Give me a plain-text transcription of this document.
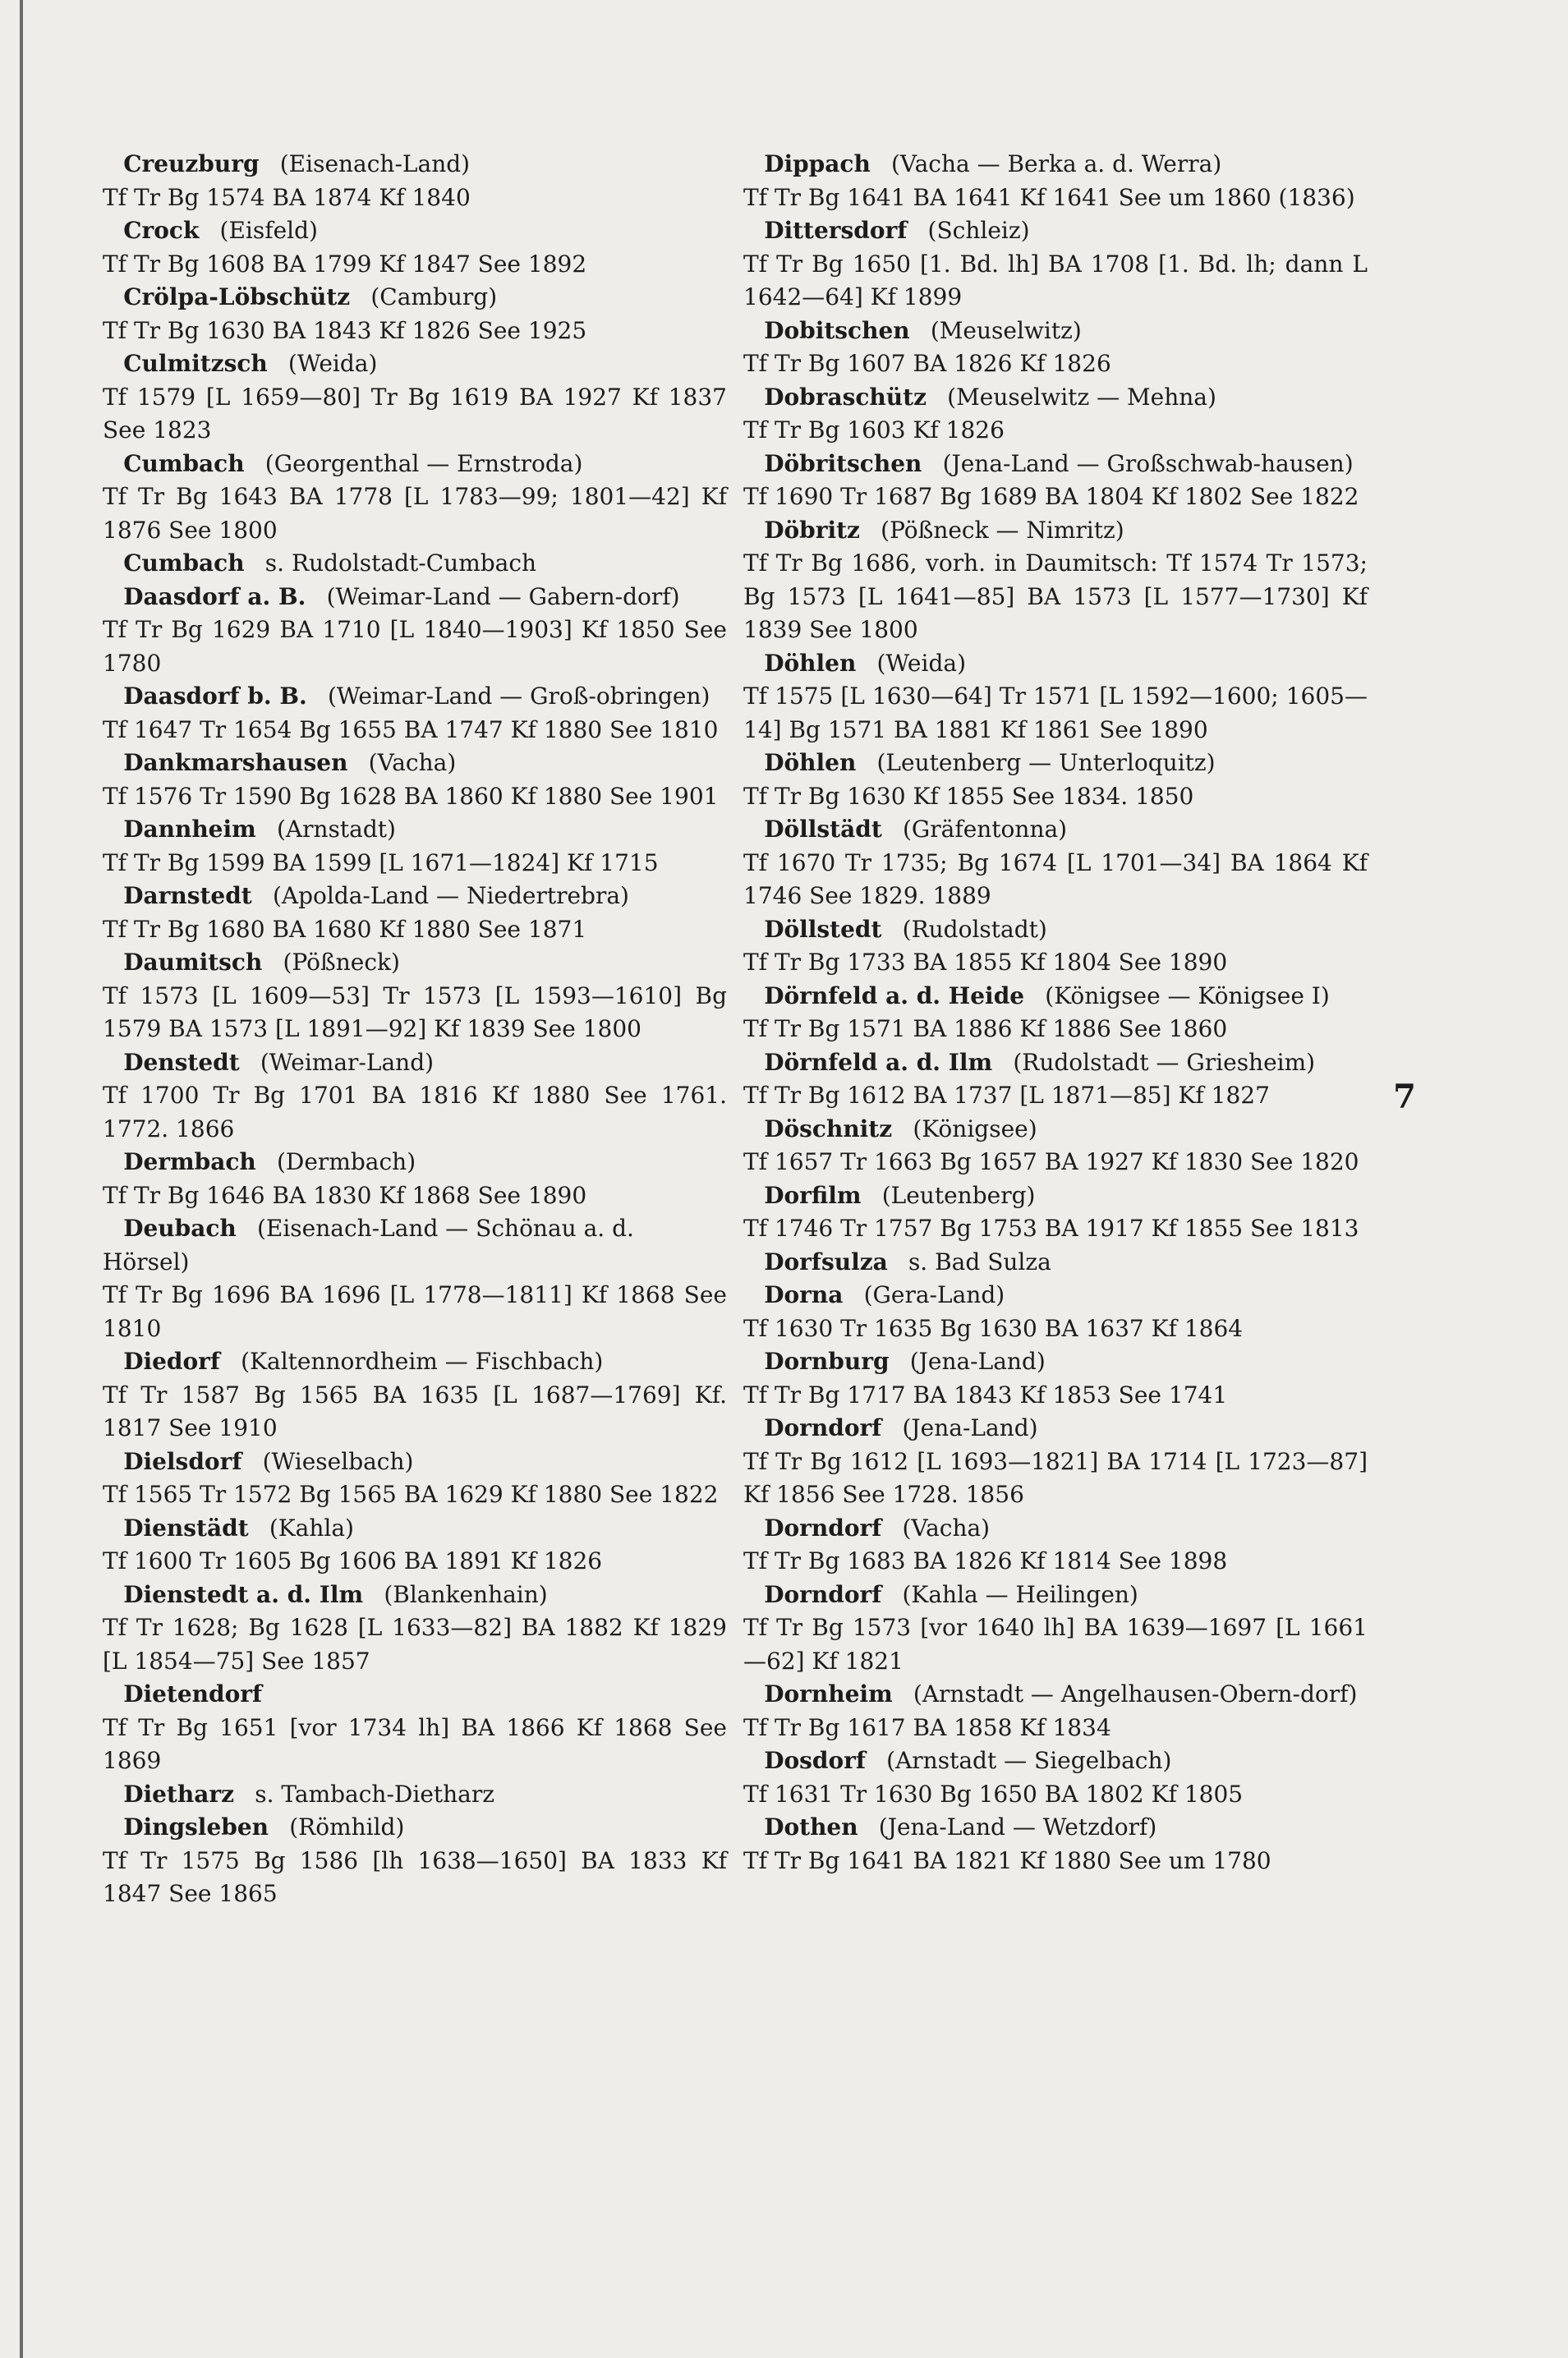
Creuzburg (Eisenach-Land)
Tf Tr Bg 1574 BA 1874 Kf 1840
Crock (Eisfeld)
Tf Tr Bg 1608 BA 1799 Kf 1847 See 1892
Crölpa-Löbschütz (Camburg)
Tf Tr Bg 1630 BA 1843 Kf 1826 See 1925
Culmitzsch (Weida)
Tf 1579 [L 1659—80] Tr Bg 1619 BA 1927 Kf 1837 See 1823
Cumbach (Georgenthal — Ernstroda)
Tf Tr Bg 1643 BA 1778 [L 1783—99; 1801—42] Kf 1876 See 1800
Cumbach s. Rudolstadt-Cumbach
Daasdorf a. B. (Weimar-Land — Gabern-dorf)
Tf Tr Bg 1629 BA 1710 [L 1840—1903] Kf 1850 See 1780
Daasdorf b. B. (Weimar-Land — Groß-obringen)
Tf 1647 Tr 1654 Bg 1655 BA 1747 Kf 1880 See 1810
Dankmarshausen (Vacha)
Tf 1576 Tr 1590 Bg 1628 BA 1860 Kf 1880 See 1901
Dannheim (Arnstadt)
Tf Tr Bg 1599 BA 1599 [L 1671—1824] Kf 1715
Darnstedt (Apolda-Land — Niedertrebra)
Tf Tr Bg 1680 BA 1680 Kf 1880 See 1871
Daumitsch (Pößneck)
Tf 1573 [L 1609—53] Tr 1573 [L 1593—1610] Bg 1579 BA 1573 [L 1891—92] Kf 1839 See 1800
Denstedt (Weimar-Land)
Tf 1700 Tr Bg 1701 BA 1816 Kf 1880 See 1761. 1772. 1866
Dermbach (Dermbach)
Tf Tr Bg 1646 BA 1830 Kf 1868 See 1890
Deubach (Eisenach-Land — Schönau a. d. Hörsel)
Tf Tr Bg 1696 BA 1696 [L 1778—1811] Kf 1868 See 1810
Diedorf (Kaltennordheim — Fischbach)
Tf Tr 1587 Bg 1565 BA 1635 [L 1687—1769] Kf. 1817 See 1910
Dielsdorf (Wieselbach)
Tf 1565 Tr 1572 Bg 1565 BA 1629 Kf 1880 See 1822
Dienstädt (Kahla)
Tf 1600 Tr 1605 Bg 1606 BA 1891 Kf 1826
Dienstedt a. d. Ilm (Blankenhain)
Tf Tr 1628; Bg 1628 [L 1633—82] BA 1882 Kf 1829 [L 1854—75] See 1857
Dietendorf
Tf Tr Bg 1651 [vor 1734 lh] BA 1866 Kf 1868 See 1869
Dietharz s. Tambach-Dietharz
Dingsleben (Römhild)
Tf Tr 1575 Bg 1586 [lh 1638—1650] BA 1833 Kf 1847 See 1865
Dippach (Vacha — Berka a. d. Werra)
Tf Tr Bg 1641 BA 1641 Kf 1641 See um 1860 (1836)
Dittersdorf (Schleiz)
Tf Tr Bg 1650 [1. Bd. lh] BA 1708 [1. Bd. lh; dann L 1642—64] Kf 1899
Dobitschen (Meuselwitz)
Tf Tr Bg 1607 BA 1826 Kf 1826
Dobraschütz (Meuselwitz — Mehna)
Tf Tr Bg 1603 Kf 1826
Döbritschen (Jena-Land — Großschwab-hausen)
Tf 1690 Tr 1687 Bg 1689 BA 1804 Kf 1802 See 1822
Döbritz (Pößneck — Nimritz)
Tf Tr Bg 1686, vorh. in Daumitsch: Tf 1574 Tr 1573; Bg 1573 [L 1641—85] BA 1573 [L 1577—1730] Kf 1839 See 1800
Döhlen (Weida)
Tf 1575 [L 1630—64] Tr 1571 [L 1592—1600; 1605—14] Bg 1571 BA 1881 Kf 1861 See 1890
Döhlen (Leutenberg — Unterloquitz)
Tf Tr Bg 1630 Kf 1855 See 1834. 1850
Döllstädt (Gräfentonna)
Tf 1670 Tr 1735; Bg 1674 [L 1701—34] BA 1864 Kf 1746 See 1829. 1889
Döllstedt (Rudolstadt)
Tf Tr Bg 1733 BA 1855 Kf 1804 See 1890
Dörnfeld a. d. Heide (Königsee — Königsee I)
Tf Tr Bg 1571 BA 1886 Kf 1886 See 1860
Dörnfeld a. d. Ilm (Rudolstadt — Griesheim)
Tf Tr Bg 1612 BA 1737 [L 1871—85] Kf 1827
Döschnitz (Königsee)
Tf 1657 Tr 1663 Bg 1657 BA 1927 Kf 1830 See 1820
Dorfilm (Leutenberg)
Tf 1746 Tr 1757 Bg 1753 BA 1917 Kf 1855 See 1813
Dorfsulza s. Bad Sulza
Dorna (Gera-Land)
Tf 1630 Tr 1635 Bg 1630 BA 1637 Kf 1864
Dornburg (Jena-Land)
Tf Tr Bg 1717 BA 1843 Kf 1853 See 1741
Dorndorf (Jena-Land)
Tf Tr Bg 1612 [L 1693—1821] BA 1714 [L 1723—87] Kf 1856 See 1728. 1856
Dorndorf (Vacha)
Tf Tr Bg 1683 BA 1826 Kf 1814 See 1898
Dorndorf (Kahla — Heilingen)
Tf Tr Bg 1573 [vor 1640 lh] BA 1639—1697 [L 1661—62] Kf 1821
Dornheim (Arnstadt — Angelhausen-Obern-dorf)
Tf Tr Bg 1617 BA 1858 Kf 1834
Dosdorf (Arnstadt — Siegelbach)
Tf 1631 Tr 1630 Bg 1650 BA 1802 Kf 1805
Dothen (Jena-Land — Wetzdorf)
Tf Tr Bg 1641 BA 1821 Kf 1880 See um 1780
7
